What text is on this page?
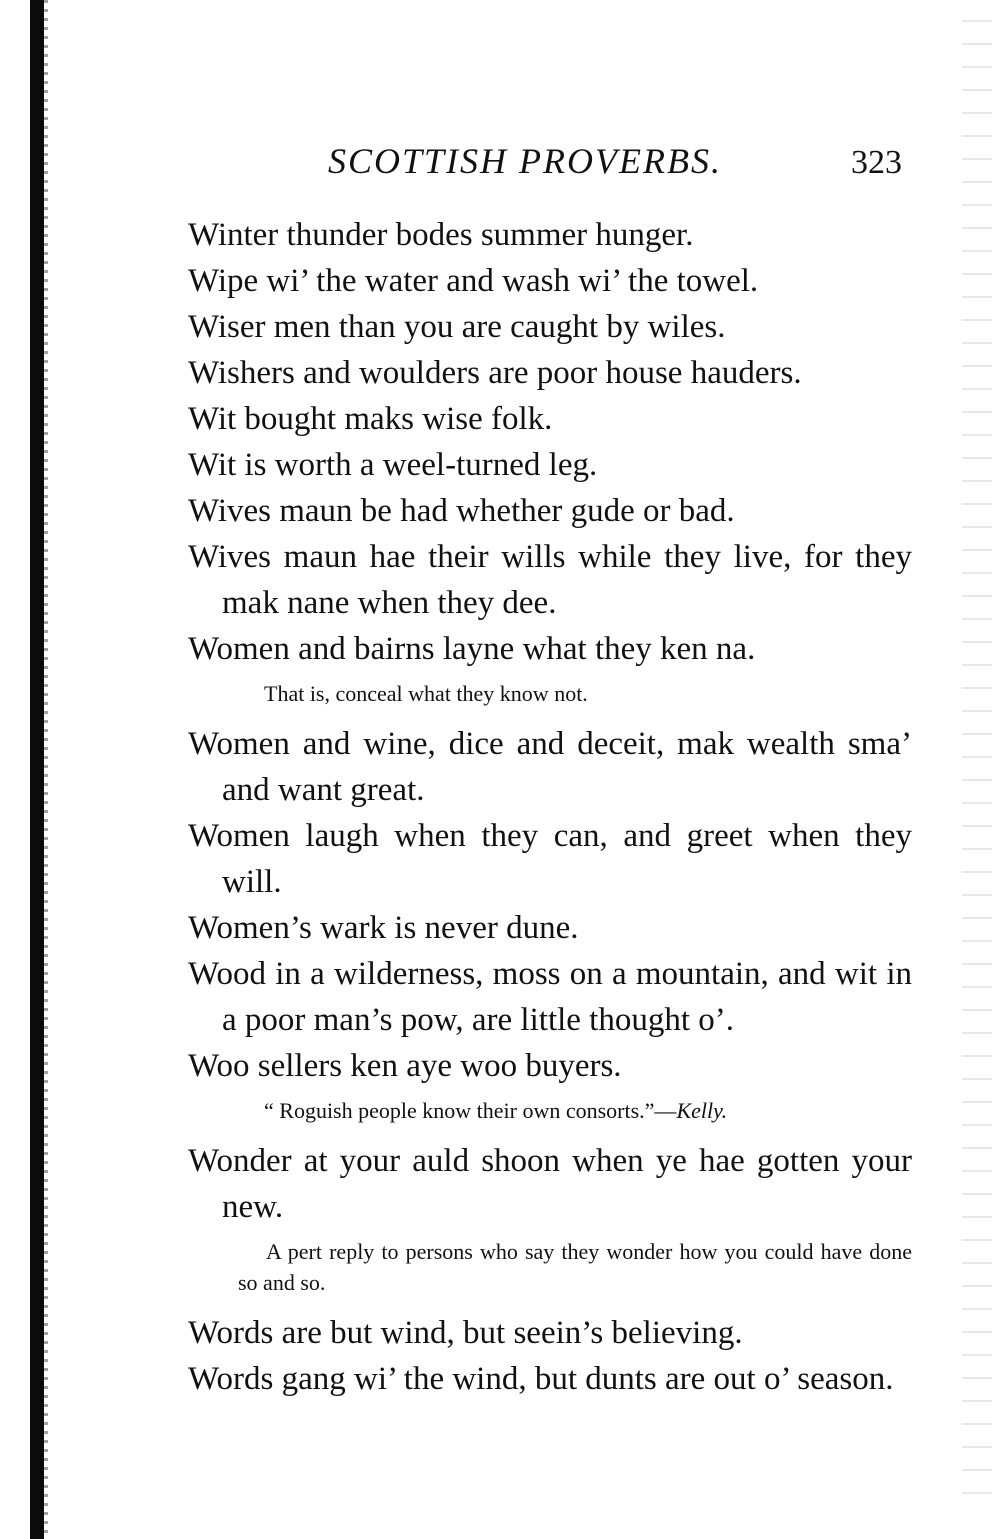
SCOTTISH PROVERBS.	323

Winter thunder bodes summer hunger.

Wipe wi’ the water and wash wi’ the towel.

Wiser men than you are caught by wiles.

Wishers and woulders are poor house hauders.

Wit bought maks wise folk.

Wit is worth a weel-turned leg.

Wives maun be had whether gude or bad.

Wives maun hae their wills while they live, for they mak nane when they dee.

Women and bairns layne what they ken na.

That is, conceal what they know not.

Women and wine, dice and deceit, mak wealth sma’ and want great.

Women laugh when they can, and greet when they will.

Women’s wark is never dune.

Wood in a wilderness, moss on a mountain, and wit in a poor man’s pow, are little thought o’.

Woo sellers ken aye woo buyers.

“ Roguish people know their own consorts.”—Kelly.

Wonder at your auld shoon when ye hae gotten your new.

A pert reply to persons who say they wonder how you could have done so and so.

Words are but wind, but seein’s believing.

Words gang wi’ the wind, but dunts are out o’ season.
